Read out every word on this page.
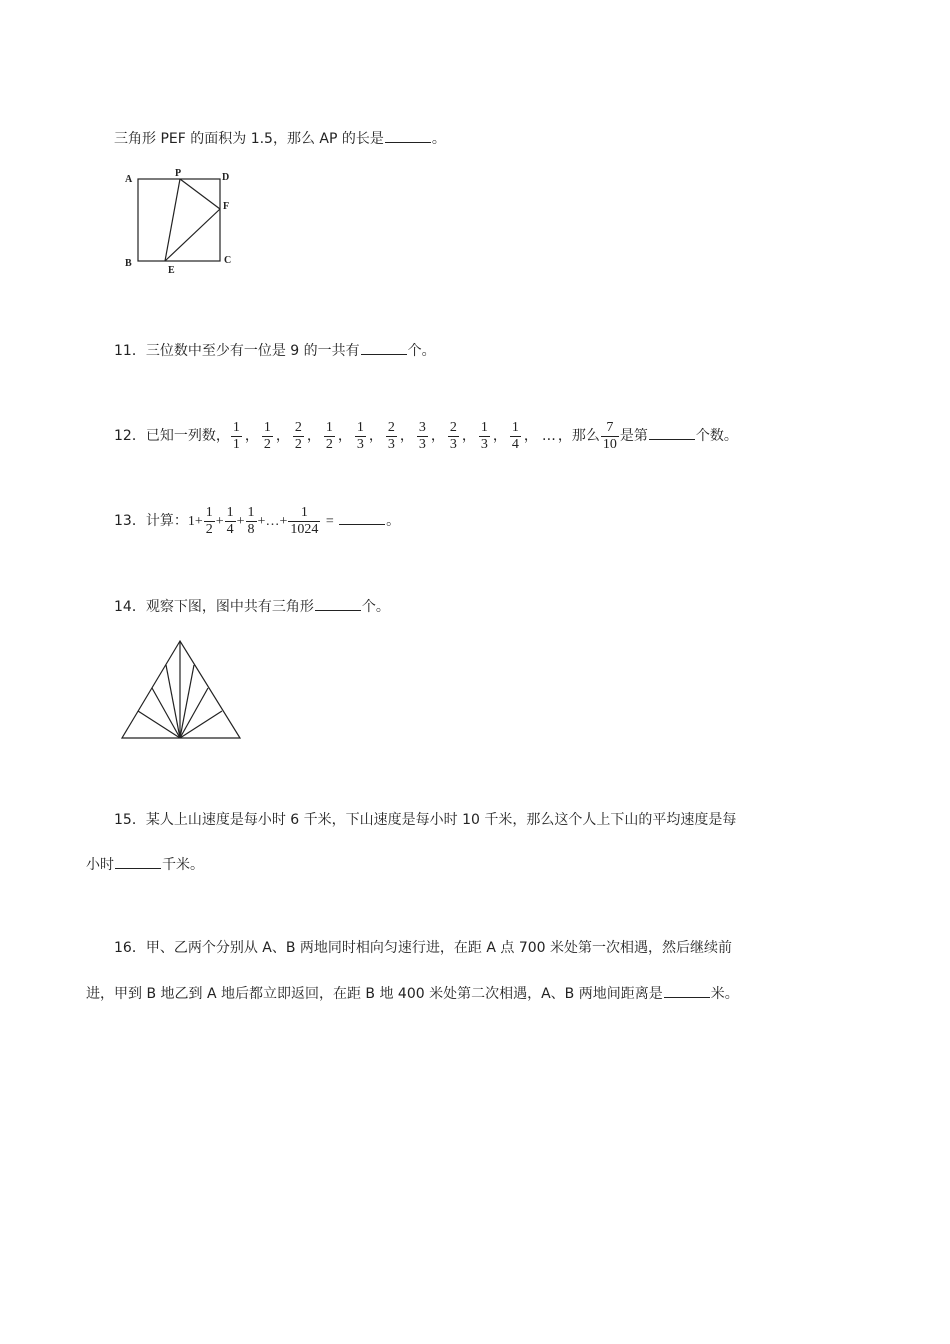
三角形 PEF 的面积为 1.5，那么 AP 的长是	。
A
P	D
F
B
E
C
11．三位数中至少有一位是 9 的一共有	个。
12．已知一列数， $\frac{1}{1}$ ， $\frac{1}{2}$ ， $\frac{2}{2}$ ， $\frac{1}{2}$ ， $\frac{1}{3}$ ， $\frac{2}{3}$ ， $\frac{3}{3}$ ， $\frac{2}{3}$ ， $\frac{1}{3}$ ， $\frac{1}{4}$ ， … ，那么 $\frac{7}{10}$ 是第	个数。
13．计算：$1+ \frac{1}{2} + \frac{1}{4} + \frac{1}{8}$ +…+ $\frac{1}{1024}$ =	。
14．观察下图，图中共有三角形	个。
15．某人上山速度是每小时 6 千米，下山速度是每小时 10 千米，那么这个人上下山的平均速度是每
小时	千米。
16．甲、乙两个分别从 A、B 两地同时相向匀速行进，在距 A 点 700 米处第一次相遇，然后继续前
进，甲到 B 地乙到 A 地后都立即返回，在距 B 地 400 米处第二次相遇，A、B 两地间距离是	米。
